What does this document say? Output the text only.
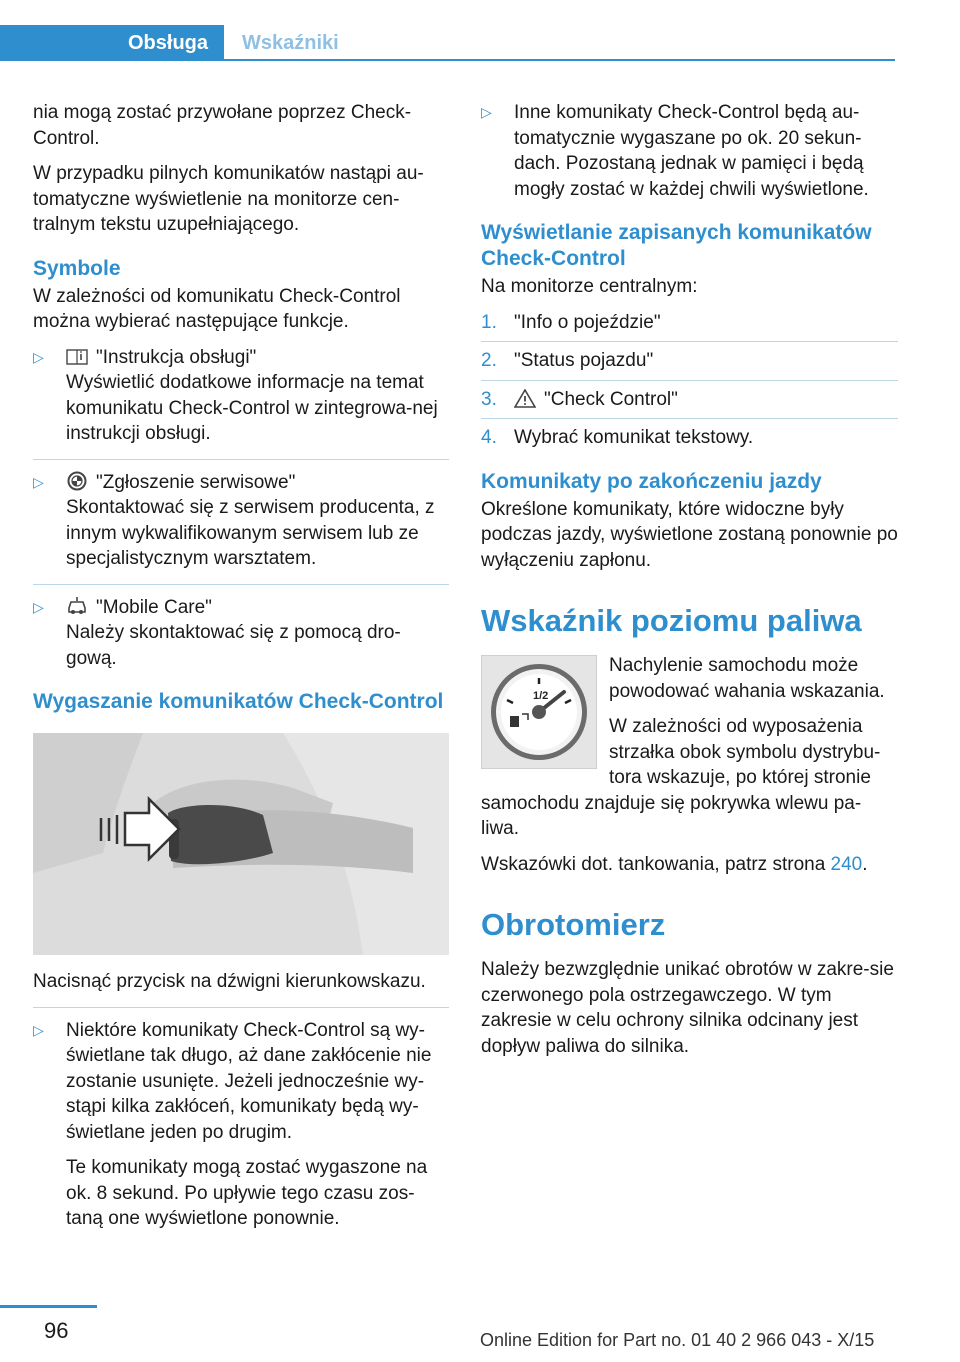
Obsługa	Wskaźniki

nia mogą zostać przywołane poprzez Check‐Control.

W przypadku pilnych komunikatów nastąpi au‐tomatyczne wyświetlenie na monitorze cen‐tralnym tekstu uzupełniającego.

Symbole

W zależności od komunikatu Check-Control można wybierać następujące funkcje.

▷	"Instrukcja obsługi"
Wyświetlić dodatkowe informacje na temat komunikatu Check-Control w zintegrowa‐nej instrukcji obsługi.
▷	"Zgłoszenie serwisowe"
Skontaktować się z serwisem producenta, z innym wykwalifikowanym serwisem lub ze specjalistycznym warsztatem.
▷	"Mobile Care"
Należy skontaktować się z pomocą dro‐gową.
Wygaszanie komunikatów Check-Control

Nacisnąć przycisk na dźwigni kierunkowskazu.

▷ Niektóre komunikaty Check-Control są wy‐świetlane tak długo, aż dane zakłócenie nie zostanie usunięte. Jeżeli jednocześnie wy‐stąpi kilka zakłóceń, komunikaty będą wy‐świetlane jeden po drugim.
Te komunikaty mogą zostać wygaszone na ok. 8 sekund. Po upływie tego czasu zos‐taną one wyświetlone ponownie.
▷ Inne komunikaty Check-Control będą au‐tomatycznie wygaszane po ok. 20 sekun‐dach. Pozostaną jednak w pamięci i będą mogły zostać w każdej chwili wyświetlone.
Wyświetlanie zapisanych komunikatów Check-Control

Na monitorze centralnym:

1. "Info o pojeździe"
2. "Status pojazdu"
3. "Check Control"
4. Wybrać komunikat tekstowy.
Komunikaty po zakończeniu jazdy

Określone komunikaty, które widoczne były podczas jazdy, wyświetlone zostaną ponownie po wyłączeniu zapłonu.

Wskaźnik poziomu paliwa
1/2

Nachylenie samochodu może powodować wahania wskazania.

W zależności od wyposażenia strzałka obok symbolu dystrybu‐tora wskazuje, po której stronie samochodu znajduje się pokrywka wlewu pa‐liwa.

Wskazówki dot. tankowania, patrz strona 240.

Obrotomierz

Należy bezwzględnie unikać obrotów w zakre‐sie czerwonego pola ostrzegawczego. W tym zakresie w celu ochrony silnika odcinany jest dopływ paliwa do silnika.

96	Online Edition for Part no. 01 40 2 966 043 - X/15
